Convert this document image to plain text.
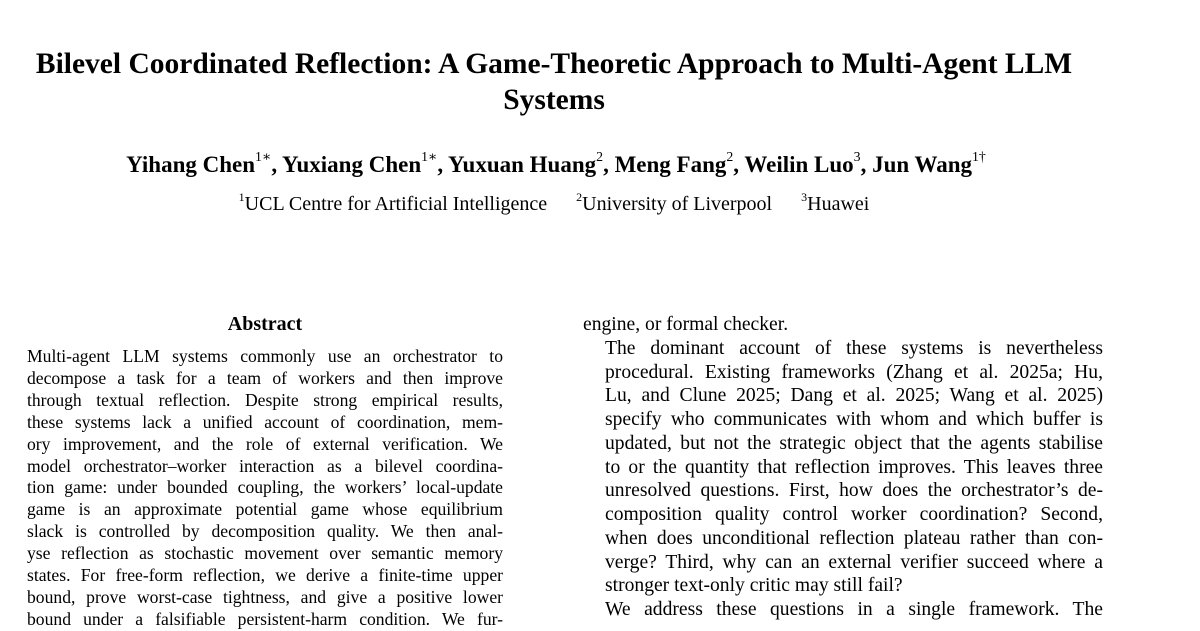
Bilevel Coordinated Reflection: A Game-Theoretic Approach to Multi-Agent LLM Systems
Yihang Chen$^{1∗}$, Yuxiang Chen$^{1∗}$, Yuxuan Huang$^2$, Meng Fang$^2$, Weilin Luo$^3$, Jun Wang$^{1\dagger}$
$^1$UCL Centre for Artificial Intelligence $^2$University of Liverpool $^3$Huawei
Abstract
Multi-agent LLM systems commonly use an orchestrator to
decompose a task for a team of workers and then improve
through textual reflection. Despite strong empirical results,
these systems lack a unified account of coordination, mem-
ory improvement, and the role of external verification. We
model orchestrator–worker interaction as a bilevel coordina-
tion game: under bounded coupling, the workers’ local-update
game is an approximate potential game whose equilibrium
slack is controlled by decomposition quality. We then anal-
yse reflection as stochastic movement over semantic memory
states. For free-form reflection, we derive a finite-time upper
bound, prove worst-case tightness, and give a positive lower
bound under a falsifiable persistent-harm condition. We fur-

engine, or formal checker.

The dominant account of these systems is nevertheless
procedural. Existing frameworks (Zhang et al. 2025a; Hu,
Lu, and Clune 2025; Dang et al. 2025; Wang et al. 2025)
specify who communicates with whom and which buffer is
updated, but not the strategic object that the agents stabilise
to or the quantity that reflection improves. This leaves three
unresolved questions. First, how does the orchestrator’s de-
composition quality control worker coordination? Second,
when does unconditional reflection plateau rather than con-
verge? Third, why can an external verifier succeed where a
stronger text-only critic may still fail?

We address these questions in a single framework. The
